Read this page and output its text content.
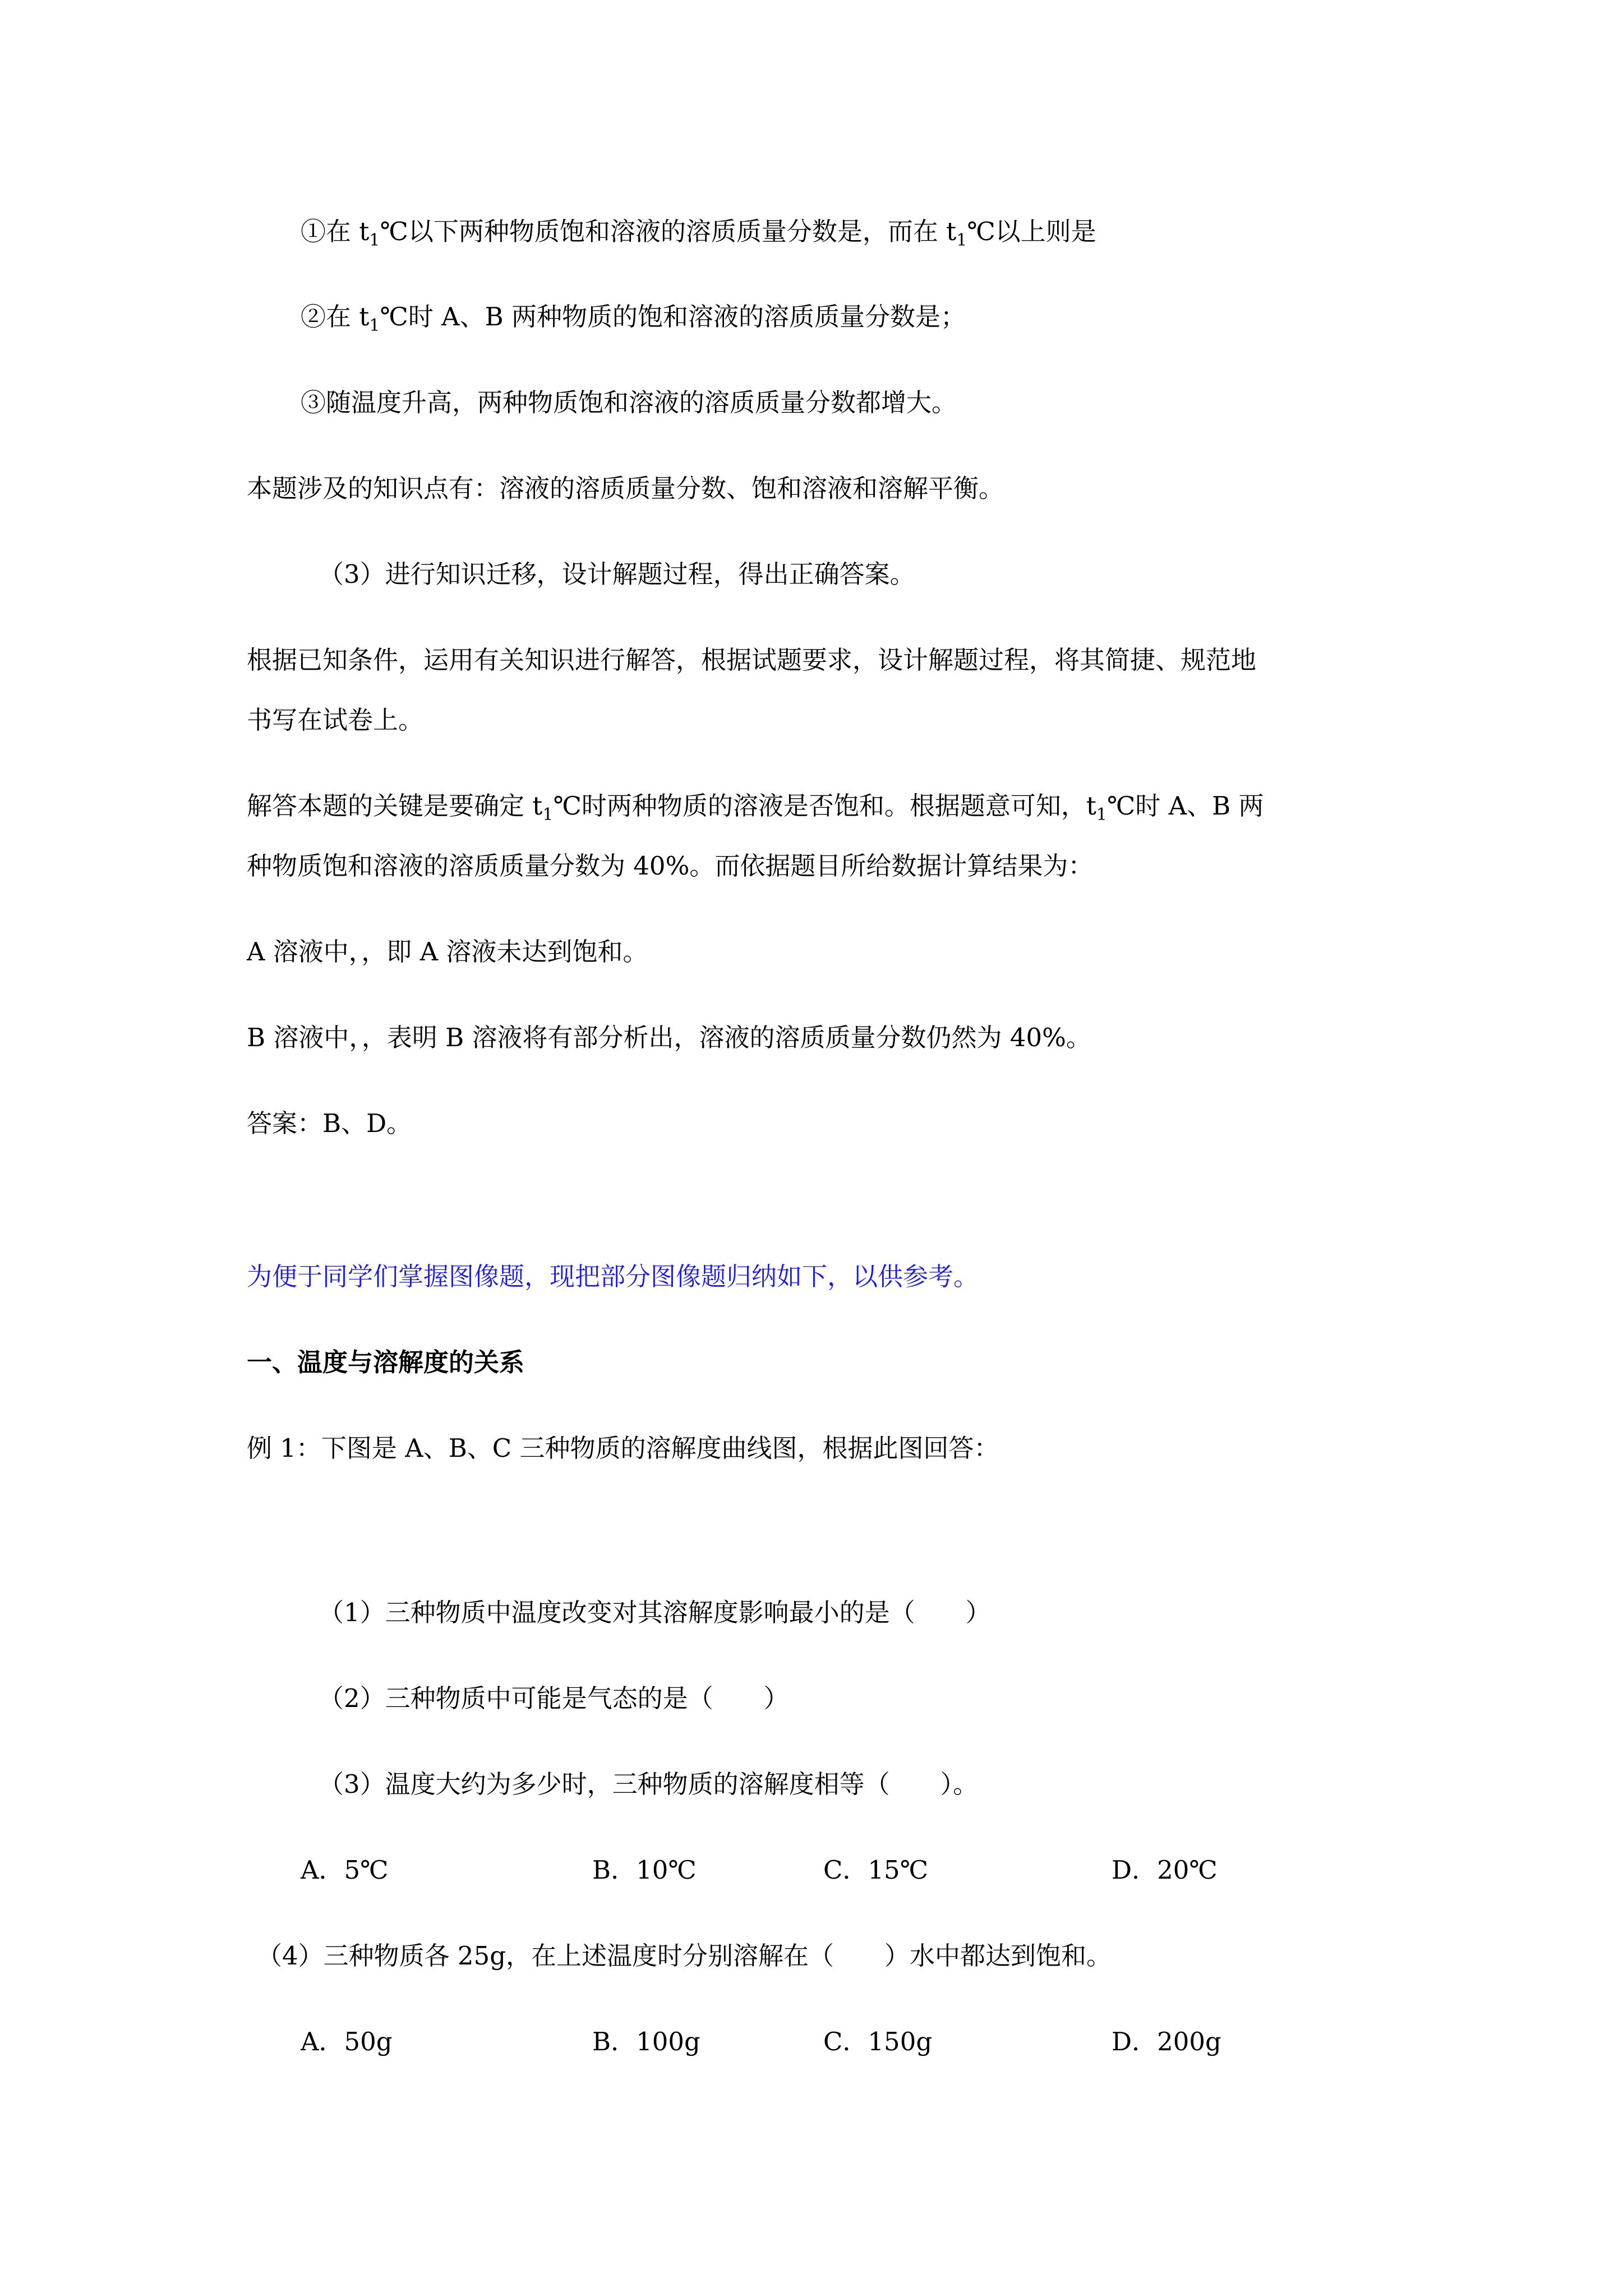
①在 $t_1℃$以下两种物质饱和溶液的溶质质量分数是，而在 $t_1℃$以上则是
②在 $t_1℃$时 A、B 两种物质的饱和溶液的溶质质量分数是；
③随温度升高，两种物质饱和溶液的溶质质量分数都增大。
本题涉及的知识点有：溶液的溶质质量分数、饱和溶液和溶解平衡。
（3）进行知识迁移，设计解题过程，得出正确答案。
根据已知条件，运用有关知识进行解答，根据试题要求，设计解题过程，将其简捷、规范地
书写在试卷上。
解答本题的关键是要确定 $t_1℃$时两种物质的溶液是否饱和。根据题意可知，$t_1℃$时 A、B 两
种物质饱和溶液的溶质质量分数为 40%。而依据题目所给数据计算结果为：
A 溶液中，，即 A 溶液未达到饱和。
B 溶液中，，表明 B 溶液将有部分析出，溶液的溶质质量分数仍然为 40%。
答案：B、D。
为便于同学们掌握图像题，现把部分图像题归纳如下，以供参考。
一、温度与溶解度的关系
例 1：下图是 A、B、C 三种物质的溶解度曲线图，根据此图回答：
（1）三种物质中温度改变对其溶解度影响最小的是（　　）
（2）三种物质中可能是气态的是（　　）
（3）温度大约为多少时，三种物质的溶解度相等（　　）。
A．5℃	B．10℃	C．15℃	D．20℃
（4）三种物质各 25g，在上述温度时分别溶解在（　　）水中都达到饱和。
A．50g	B．100g	C．150g	D．200g
